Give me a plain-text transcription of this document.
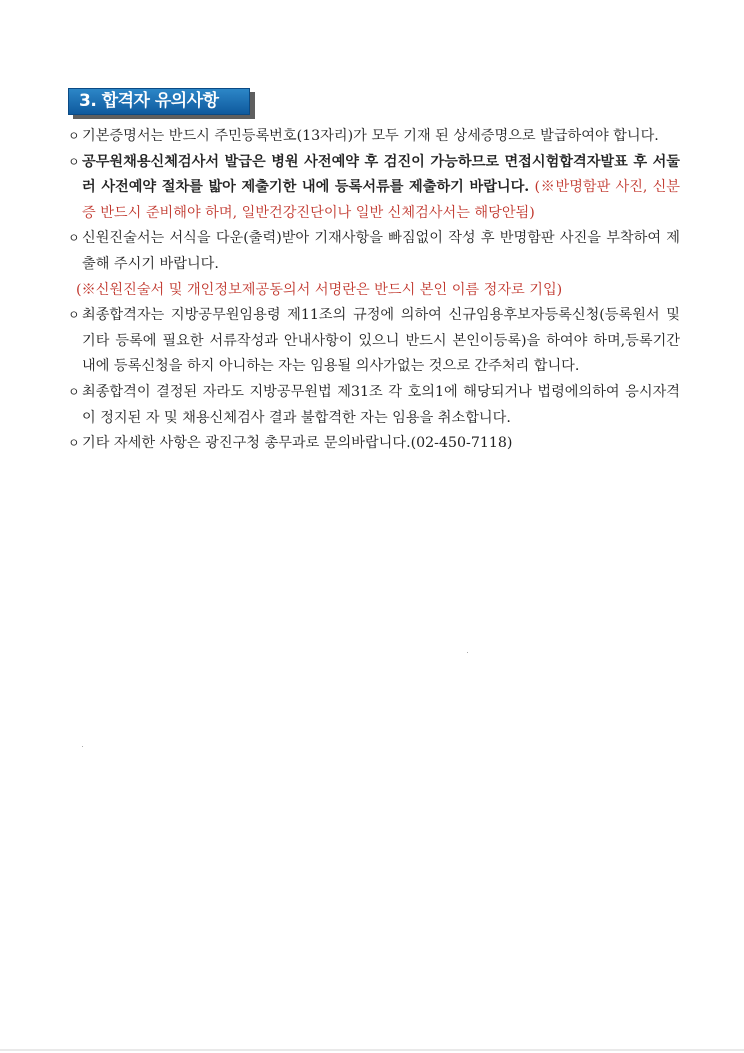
3. 합격자 유의사항
ㅇ 기본증명서는 반드시 주민등록번호(13자리)가 모두 기재 된 상세증명으로 발급하여야 합니다.

ㅇ 공무원채용신체검사서 발급은 병원 사전예약 후 검진이 가능하므로 면접시험합격자발표 후 서둘러 사전예약 절차를 밟아 제출기한 내에 등록서류를 제출하기 바랍니다. (※반명함판 사진, 신분증 반드시 준비해야 하며, 일반건강진단이나 일반 신체검사서는 해당안됨)

ㅇ 신원진술서는 서식을 다운(출력)받아 기재사항을 빠짐없이 작성 후 반명함판 사진을 부착하여 제출해 주시기 바랍니다.

(※신원진술서 및 개인정보제공동의서 서명란은 반드시 본인 이름 정자로 기입)
ㅇ 최종합격자는 지방공무원임용령 제11조의 규정에 의하여 신규임용후보자등록신청(등록원서 및 기타 등록에 필요한 서류작성과 안내사항이 있으니 반드시 본인이등록)을 하여야 하며,등록기간 내에 등록신청을 하지 아니하는 자는 임용될 의사가없는 것으로 간주처리 합니다.

ㅇ 최종합격이 결정된 자라도 지방공무원법 제31조 각 호의1에 해당되거나 법령에의하여 응시자격이 정지된 자 및 채용신체검사 결과 불합격한 자는 임용을 취소합니다.

ㅇ 기타 자세한 사항은 광진구청 총무과로 문의바랍니다.(02-450-7118)
